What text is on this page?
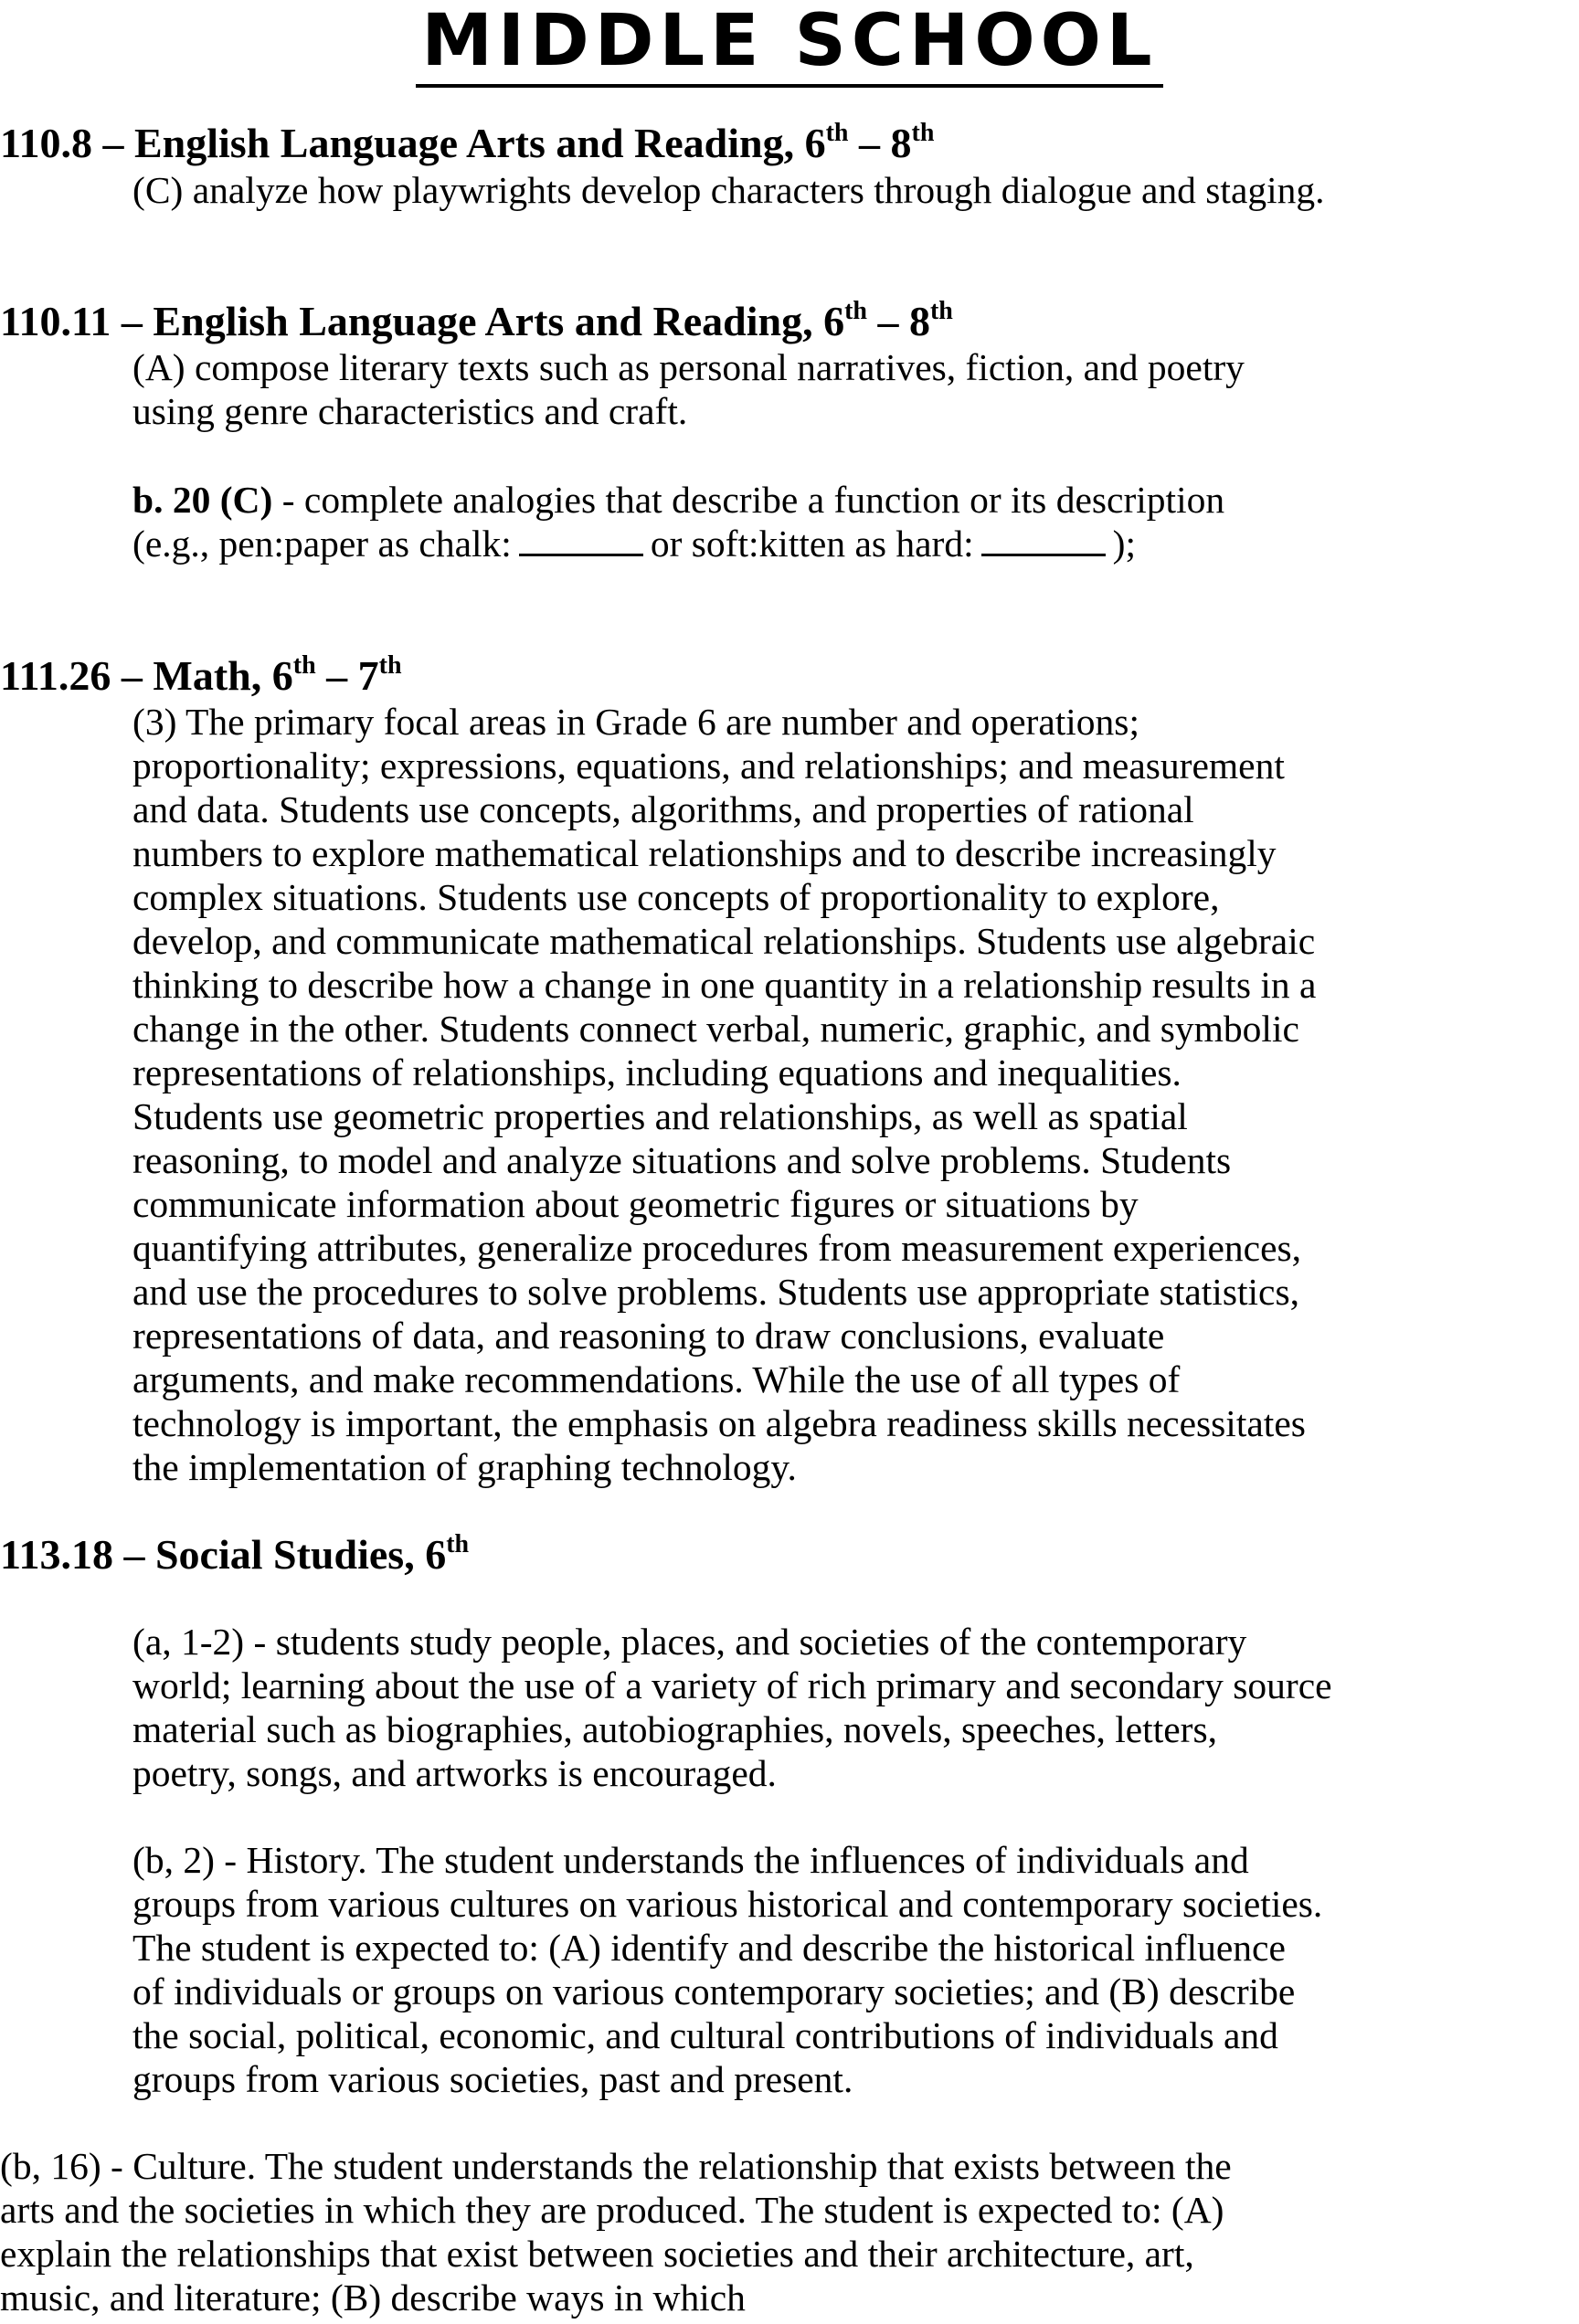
MIDDLE SCHOOL
110.8 – English Language Arts and Reading, 6th – 8th
(C) analyze how playwrights develop characters through dialogue and staging.
110.11 – English Language Arts and Reading, 6th – 8th
(A) compose literary texts such as personal narratives, fiction, and poetry
using genre characteristics and craft.
b. 20 (C) - complete analogies that describe a function or its description
(e.g., pen:paper as chalk:	or soft:kitten as hard:	);
111.26 – Math, 6th – 7th
(3) The primary focal areas in Grade 6 are number and operations;
proportionality; expressions, equations, and relationships; and measurement
and data. Students use concepts, algorithms, and properties of rational
numbers to explore mathematical relationships and to describe increasingly
complex situations. Students use concepts of proportionality to explore,
develop, and communicate mathematical relationships. Students use algebraic
thinking to describe how a change in one quantity in a relationship results in a
change in the other. Students connect verbal, numeric, graphic, and symbolic
representations of relationships, including equations and inequalities.
Students use geometric properties and relationships, as well as spatial
reasoning, to model and analyze situations and solve problems. Students
communicate information about geometric figures or situations by
quantifying attributes, generalize procedures from measurement experiences,
and use the procedures to solve problems. Students use appropriate statistics,
representations of data, and reasoning to draw conclusions, evaluate
arguments, and make recommendations. While the use of all types of
technology is important, the emphasis on algebra readiness skills necessitates
the implementation of graphing technology.
113.18 – Social Studies, 6th
(a, 1-2) - students study people, places, and societies of the contemporary
world; learning about the use of a variety of rich primary and secondary source
material such as biographies, autobiographies, novels, speeches, letters,
poetry, songs, and artworks is encouraged.
(b, 2) - History. The student understands the influences of individuals and
groups from various cultures on various historical and contemporary societies.
The student is expected to: (A) identify and describe the historical influence
of individuals or groups on various contemporary societies; and (B) describe
the social, political, economic, and cultural contributions of individuals and
groups from various societies, past and present.
(b, 16) - Culture. The student understands the relationship that exists between the
arts and the societies in which they are produced. The student is expected to: (A)
explain the relationships that exist between societies and their architecture, art,
music, and literature; (B) describe ways in which
